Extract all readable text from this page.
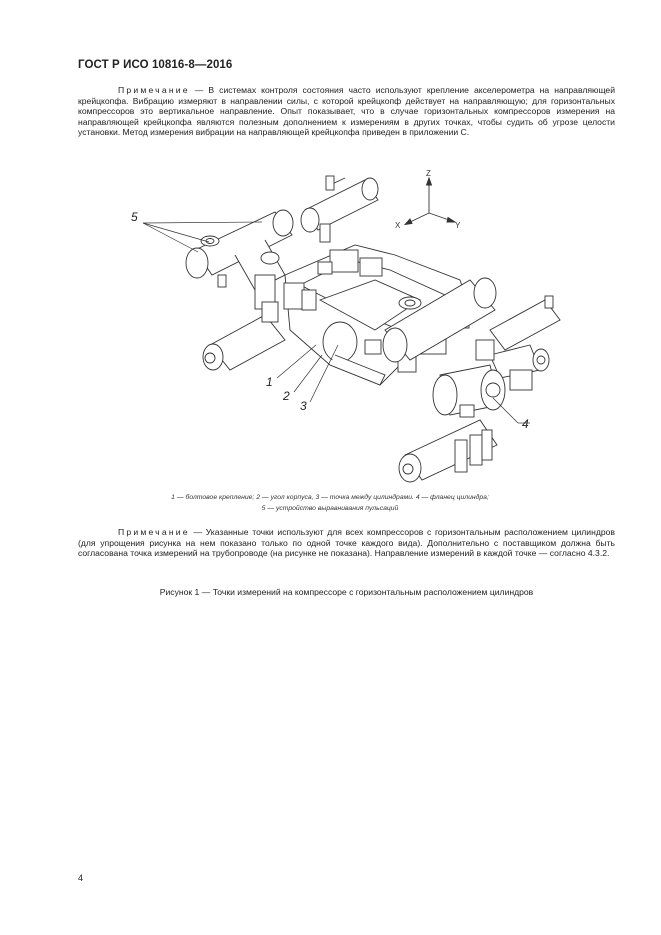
ГОСТ Р ИСО 10816-8—2016
Примечание — В системах контроля состояния часто используют крепление акселерометра на направляющей крейцкопфа. Вибрацию измеряют в направлении силы, с которой крейцкопф действует на направляющую; для горизонтальных компрессоров это вертикальное направление. Опыт показывает, что в случае горизонтальных компрессоров измерения на направляющей крейцкопфа являются полезным дополнением к измерениям в других точках, чтобы судить об угрозе целости установки. Метод измерения вибрации на направляющей крейцкопфа приведен в приложении С.
Z
X	Y
1
2
3
4
5
1 — болтовое крепление; 2 — угол корпуса, 3 — точка между цилиндрами. 4 — фланец цилиндра;
5 — устройство выравнивания пульсаций
Примечание — Указанные точки используют для всех компрессоров с горизонтальным расположением цилиндров (для упрощения рисунка на нем показано только по одной точке каждого вида). Дополнительно с поставщиком должна быть согласована точка измерений на трубопроводе (на рисунке не показана). Направление измерений в каждой точке — согласно 4.3.2.
Рисунок 1 — Точки измерений на компрессоре с горизонтальным расположением цилиндров
4
